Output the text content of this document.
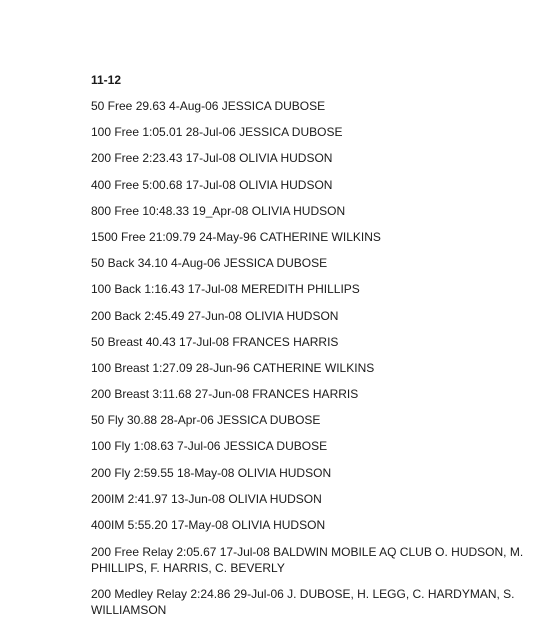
11-12
50 Free 29.63 4-Aug-06 JESSICA DUBOSE
100 Free 1:05.01 28-Jul-06 JESSICA DUBOSE
200 Free 2:23.43 17-Jul-08 OLIVIA HUDSON
400 Free 5:00.68 17-Jul-08 OLIVIA HUDSON
800 Free 10:48.33 19_Apr-08 OLIVIA HUDSON
1500 Free 21:09.79 24-May-96 CATHERINE WILKINS
50 Back 34.10 4-Aug-06 JESSICA DUBOSE
100 Back 1:16.43 17-Jul-08 MEREDITH PHILLIPS
200 Back 2:45.49 27-Jun-08 OLIVIA HUDSON
50 Breast 40.43 17-Jul-08 FRANCES HARRIS
100 Breast 1:27.09 28-Jun-96 CATHERINE WILKINS
200 Breast 3:11.68 27-Jun-08 FRANCES HARRIS
50 Fly 30.88 28-Apr-06 JESSICA DUBOSE
100 Fly 1:08.63 7-Jul-06 JESSICA DUBOSE
200 Fly 2:59.55 18-May-08 OLIVIA HUDSON
200IM 2:41.97 13-Jun-08 OLIVIA HUDSON
400IM 5:55.20 17-May-08 OLIVIA HUDSON
200 Free Relay 2:05.67 17-Jul-08 BALDWIN MOBILE AQ CLUB O. HUDSON, M. PHILLIPS, F. HARRIS, C. BEVERLY
200 Medley Relay 2:24.86 29-Jul-06 J. DUBOSE, H. LEGG, C. HARDYMAN, S. WILLIAMSON
